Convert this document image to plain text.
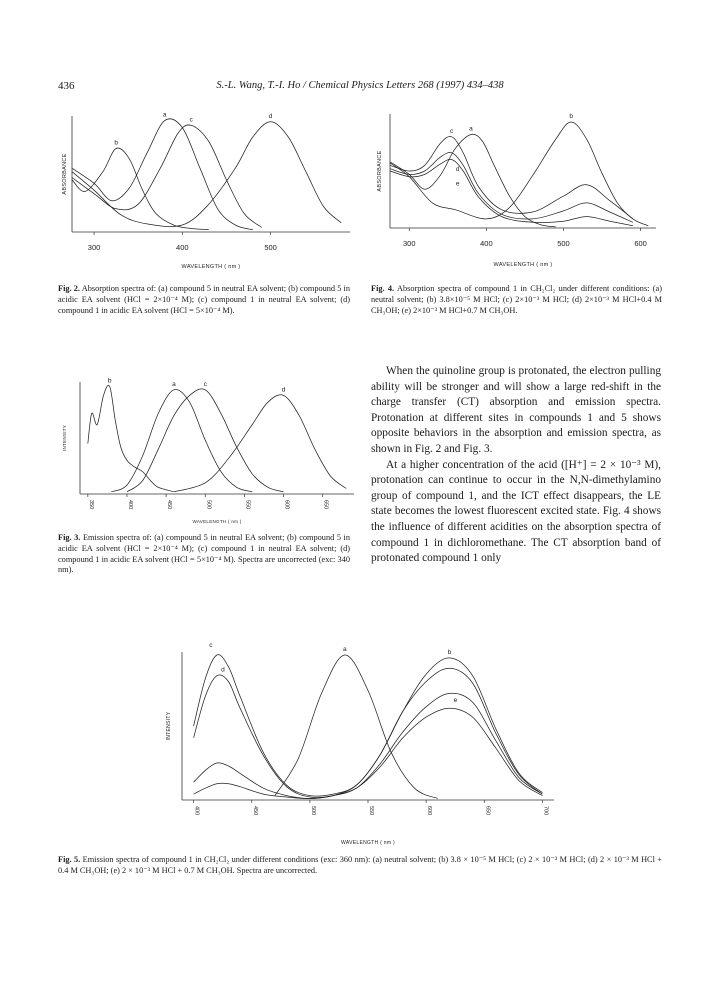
436	S.-L. Wang, T.-I. Ho / Chemical Physics Letters 268 (1997) 434–438
300	400	500
WAVELENGTH ( nm )
ABSORBANCE
a
b
c	d
Fig. 2. Absorption spectra of: (a) compound 5 in neutral EA solvent; (b) compound 5 in acidic EA solvent (HCl = 2×10⁻⁴ M); (c) compound 1 in neutral EA solvent; (d) compound 1 in acidic EA solvent (HCl = 5×10⁻⁴ M).
300	400	500	600
WAVELENGTH ( nm )
ABSORBANCE
a
b
c
d
e
Fig. 4. Absorption spectra of compound 1 in CH₂Cl₂ under different conditions: (a) neutral solvent; (b) 3.8×10⁻⁵ M HCl; (c) 2×10⁻³ M HCl; (d) 2×10⁻³ M HCl+0.4 M CH₃OH; (e) 2×10⁻³ M HCl+0.7 M CH₃OH.
350	400	450	500	550	600	650
WAVELENGTH ( nm )
INTENSITY
a
b	c
d
Fig. 3. Emission spectra of: (a) compound 5 in neutral EA solvent; (b) compound 5 in acidic EA solvent (HCl = 2×10⁻⁴ M); (c) compound 1 in neutral EA solvent; (d) compound 1 in acidic EA solvent (HCl = 5×10⁻⁴ M). Spectra are uncorrected (exc: 340 nm).

When the quinoline group is protonated, the electron pulling ability will be stronger and will show a large red-shift in the charge transfer (CT) absorption and emission spectra. Protonation at different sites in compounds 1 and 5 shows opposite behaviors in the absorption and emission spectra, as shown in Fig. 2 and Fig. 3.

At a higher concentration of the acid ([H⁺] = 2 × 10⁻³ M), protonation can continue to occur in the N,N-dimethylamino group of compound 1, and the ICT effect disappears, the LE state becomes the lowest fluorescent excited state. Fig. 4 shows the influence of different acidities on the absorption spectra of compound 1 in dichloromethane. The CT absorption band of protonated compound 1 only

400	450	500	550	600	650	700
WAVELENGTH ( nm )
INTENSITY
a	b
c
d
e
Fig. 5. Emission spectra of compound 1 in CH₂Cl₂ under different conditions (exc: 360 nm): (a) neutral solvent; (b) 3.8 × 10⁻⁵ M HCl; (c) 2 × 10⁻³ M HCl; (d) 2 × 10⁻³ M HCl + 0.4 M CH₃OH; (e) 2 × 10⁻³ M HCl + 0.7 M CH₃OH. Spectra are uncorrected.
